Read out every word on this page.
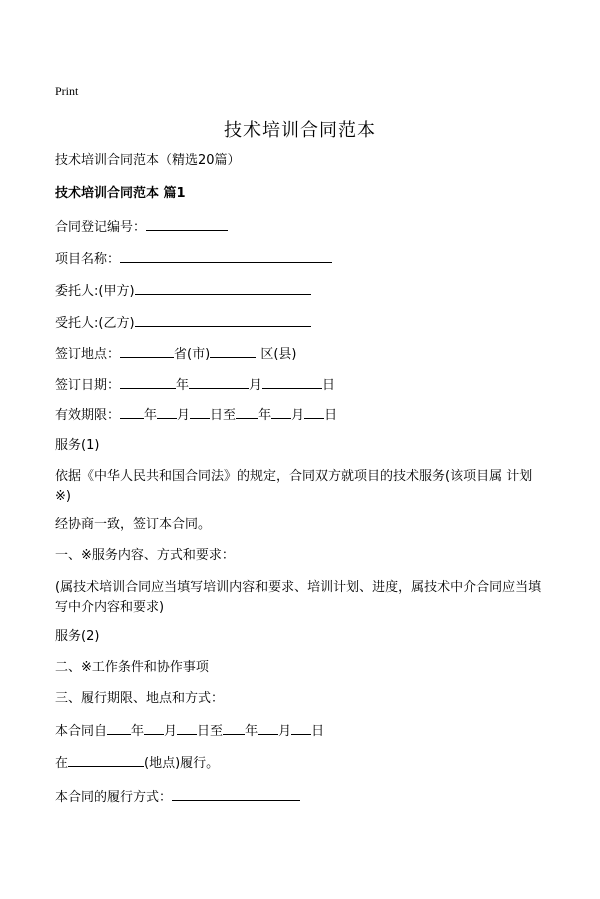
Print
技术培训合同范本

技术培训合同范本（精选20篇）

技术培训合同范本 篇1

合同登记编号：

项目名称：

委托人:(甲方)

受托人:(乙方)

签订地点：	省(市)	区(县)

签订日期：	年	月	日

有效期限： 年 月 日至 年 月 日

服务(1)

依据《中华人民共和国合同法》的规定，合同双方就项目的技术服务(该项目属 计划※)

经协商一致，签订本合同。

一、※服务内容、方式和要求：

(属技术培训合同应当填写培训内容和要求、培训计划、进度，属技术中介合同应当填写中介内容和要求)

服务(2)

二、※工作条件和协作事项

三、履行期限、地点和方式：

本合同自 年 月 日至 年 月 日

在	(地点)履行。

本合同的履行方式：
